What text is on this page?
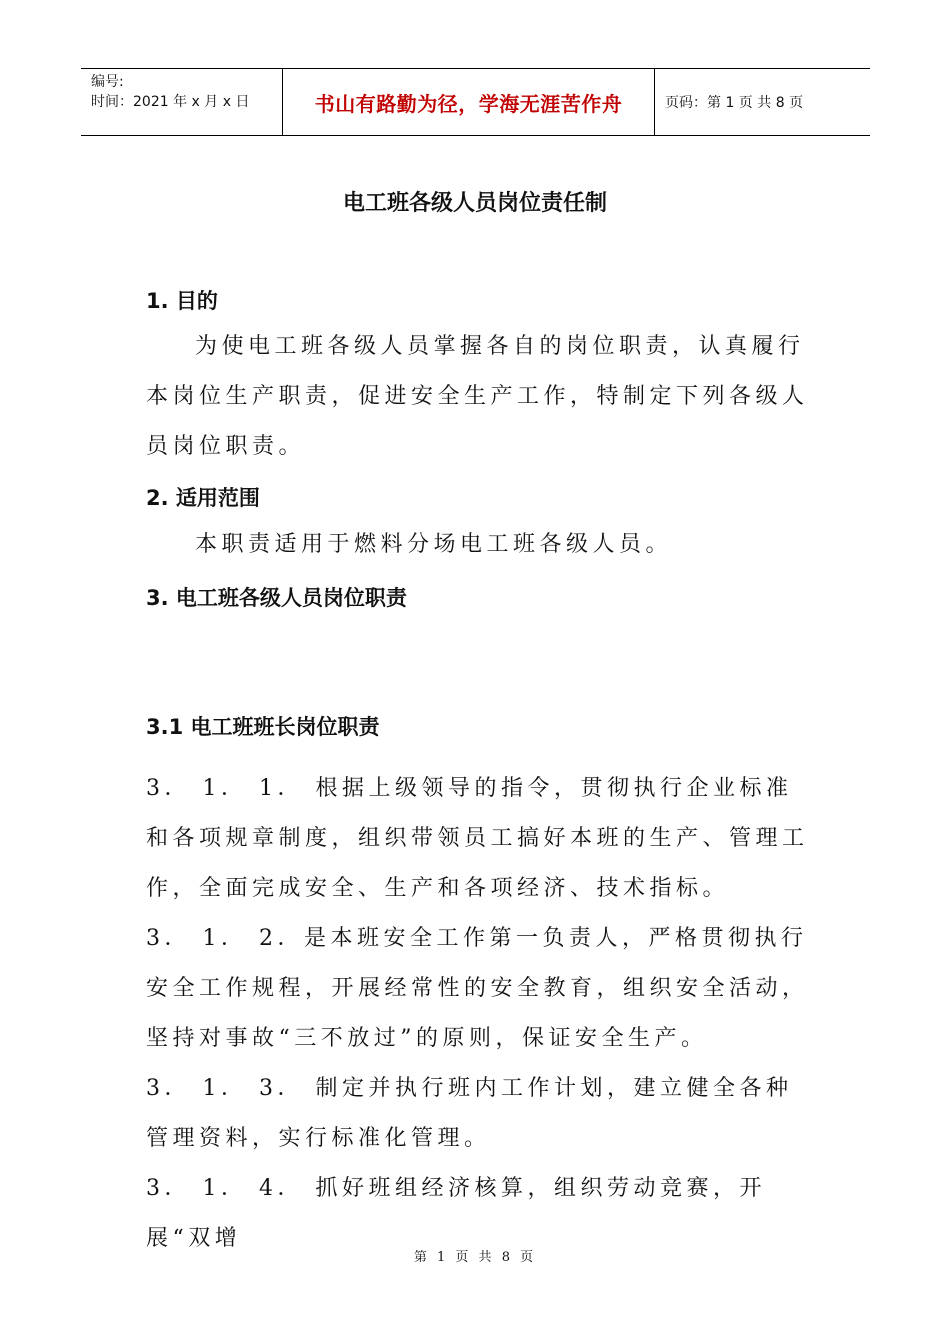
编号:
时间：2021 年 x 月 x 日	书山有路勤为径，学海无涯苦作舟	页码：第 1 页 共 8 页
电工班各级人员岗位责任制
1. 目的
为使电工班各级人员掌握各自的岗位职责，认真履行本岗位生产职责，促进安全生产工作，特制定下列各级人员岗位职责。
2. 适用范围
本职责适用于燃料分场电工班各级人员。
3. 电工班各级人员岗位职责
3.1 电工班班长岗位职责
3． 1． 1． 根据上级领导的指令，贯彻执行企业标准和各项规章制度，组织带领员工搞好本班的生产、管理工作，全面完成安全、生产和各项经济、技术指标。
3． 1． 2．是本班安全工作第一负责人，严格贯彻执行安全工作规程，开展经常性的安全教育，组织安全活动，坚持对事故“三不放过”的原则，保证安全生产。
3． 1． 3． 制定并执行班内工作计划，建立健全各种管理资料，实行标准化管理。
3． 1． 4． 抓好班组经济核算，组织劳动竞赛，开展“双增
第 1 页 共 8 页
